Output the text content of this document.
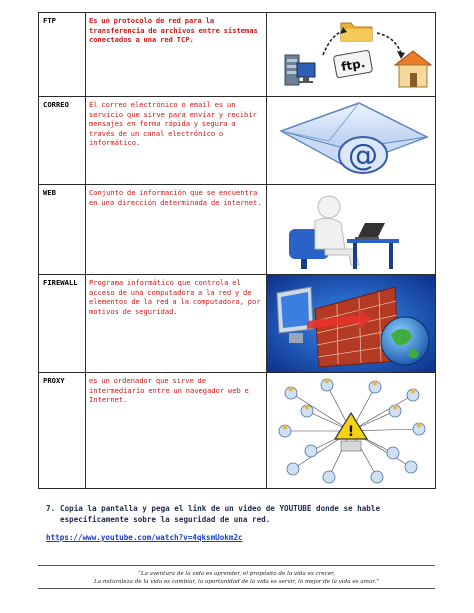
FTP	Es un protocolo de red para la transferencia de archivos entre sistemas conectados a una red TCP.	ftp.

CORREO	El correo electrónico o email es un servicio que sirve para enviar y recibir mensajes en forma rápida y segura a través de un canal electrónico o informático.	@

WEB	Conjunto de información que se encuentra en una dirección determinada de internet.

FIREWALL	Programa informático que controla el acceso de una computadora a la red y de elementos de la red a la computadora, por motivos de seguridad.

PROXY	es un ordenador que sirve de intermediario entre un navegador web e Internet.	!
7. Copia la pantalla y pega el link de un video de YOUTUBE donde se hable específicamente sobre la seguridad de una red.
https://www.youtube.com/watch?v=4qksmUokm2c
“La aventura de la vida es aprender, el propósito de la vida es crecer,
La naturaleza de la vida es cambiar, la oportunidad de la vida es servir, lo mejor de la vida es amar.”
